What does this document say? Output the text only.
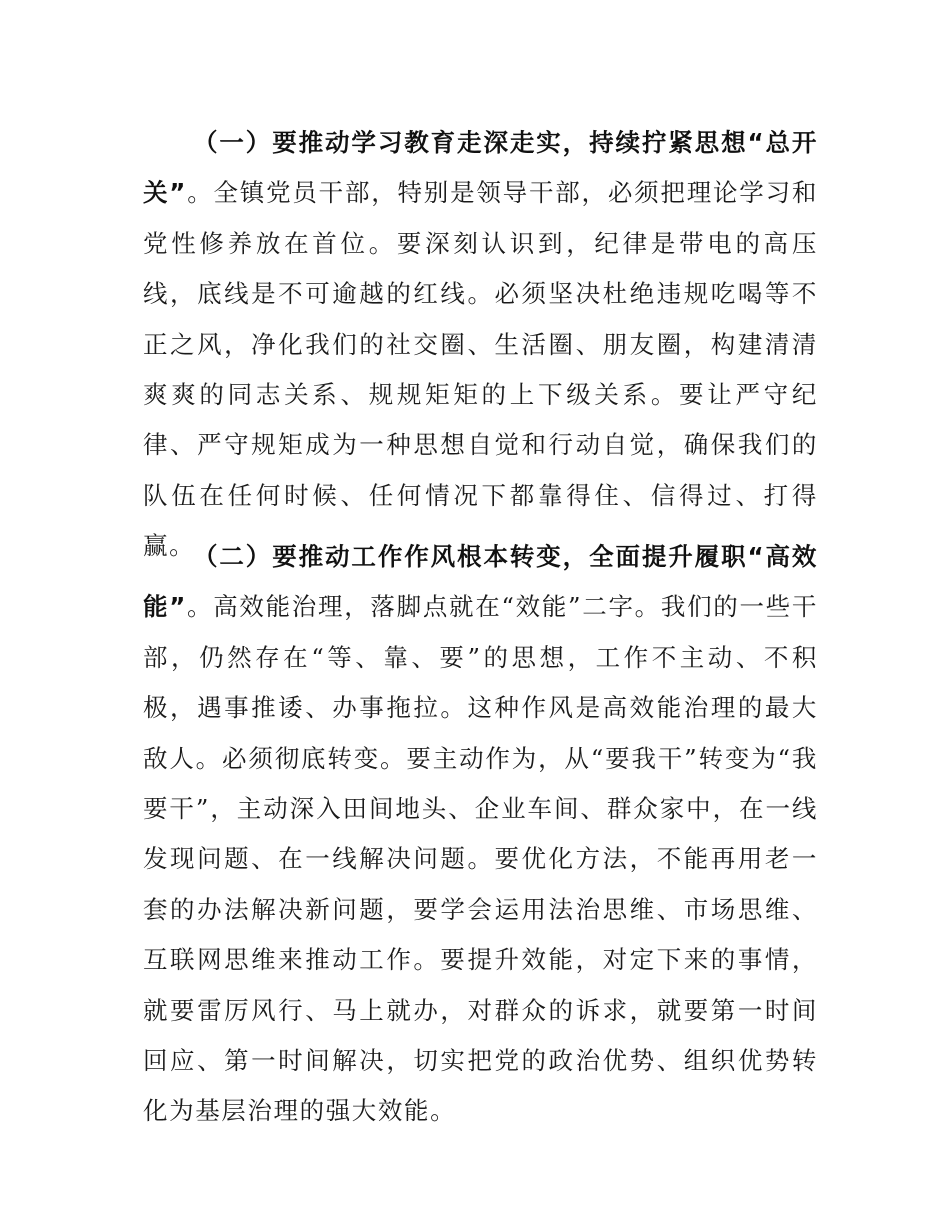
（一）要推动学习教育走深走实，持续拧紧思想“总开关”。全镇党员干部，特别是领导干部，必须把理论学习和党性修养放在首位。要深刻认识到，纪律是带电的高压线，底线是不可逾越的红线。必须坚决杜绝违规吃喝等不正之风，净化我们的社交圈、生活圈、朋友圈，构建清清爽爽的同志关系、规规矩矩的上下级关系。要让严守纪律、严守规矩成为一种思想自觉和行动自觉，确保我们的队伍在任何时候、任何情况下都靠得住、信得过、打得赢。

（二）要推动工作作风根本转变，全面提升履职“高效能”。高效能治理，落脚点就在“效能”二字。我们的一些干部，仍然存在“等、靠、要”的思想，工作不主动、不积极，遇事推诿、办事拖拉。这种作风是高效能治理的最大敌人。必须彻底转变。要主动作为，从“要我干”转变为“我要干”，主动深入田间地头、企业车间、群众家中，在一线发现问题、在一线解决问题。要优化方法，不能再用老一套的办法解决新问题，要学会运用法治思维、市场思维、互联网思维来推动工作。要提升效能，对定下来的事情，就要雷厉风行、马上就办，对群众的诉求，就要第一时间回应、第一时间解决，切实把党的政治优势、组织优势转化为基层治理的强大效能。
